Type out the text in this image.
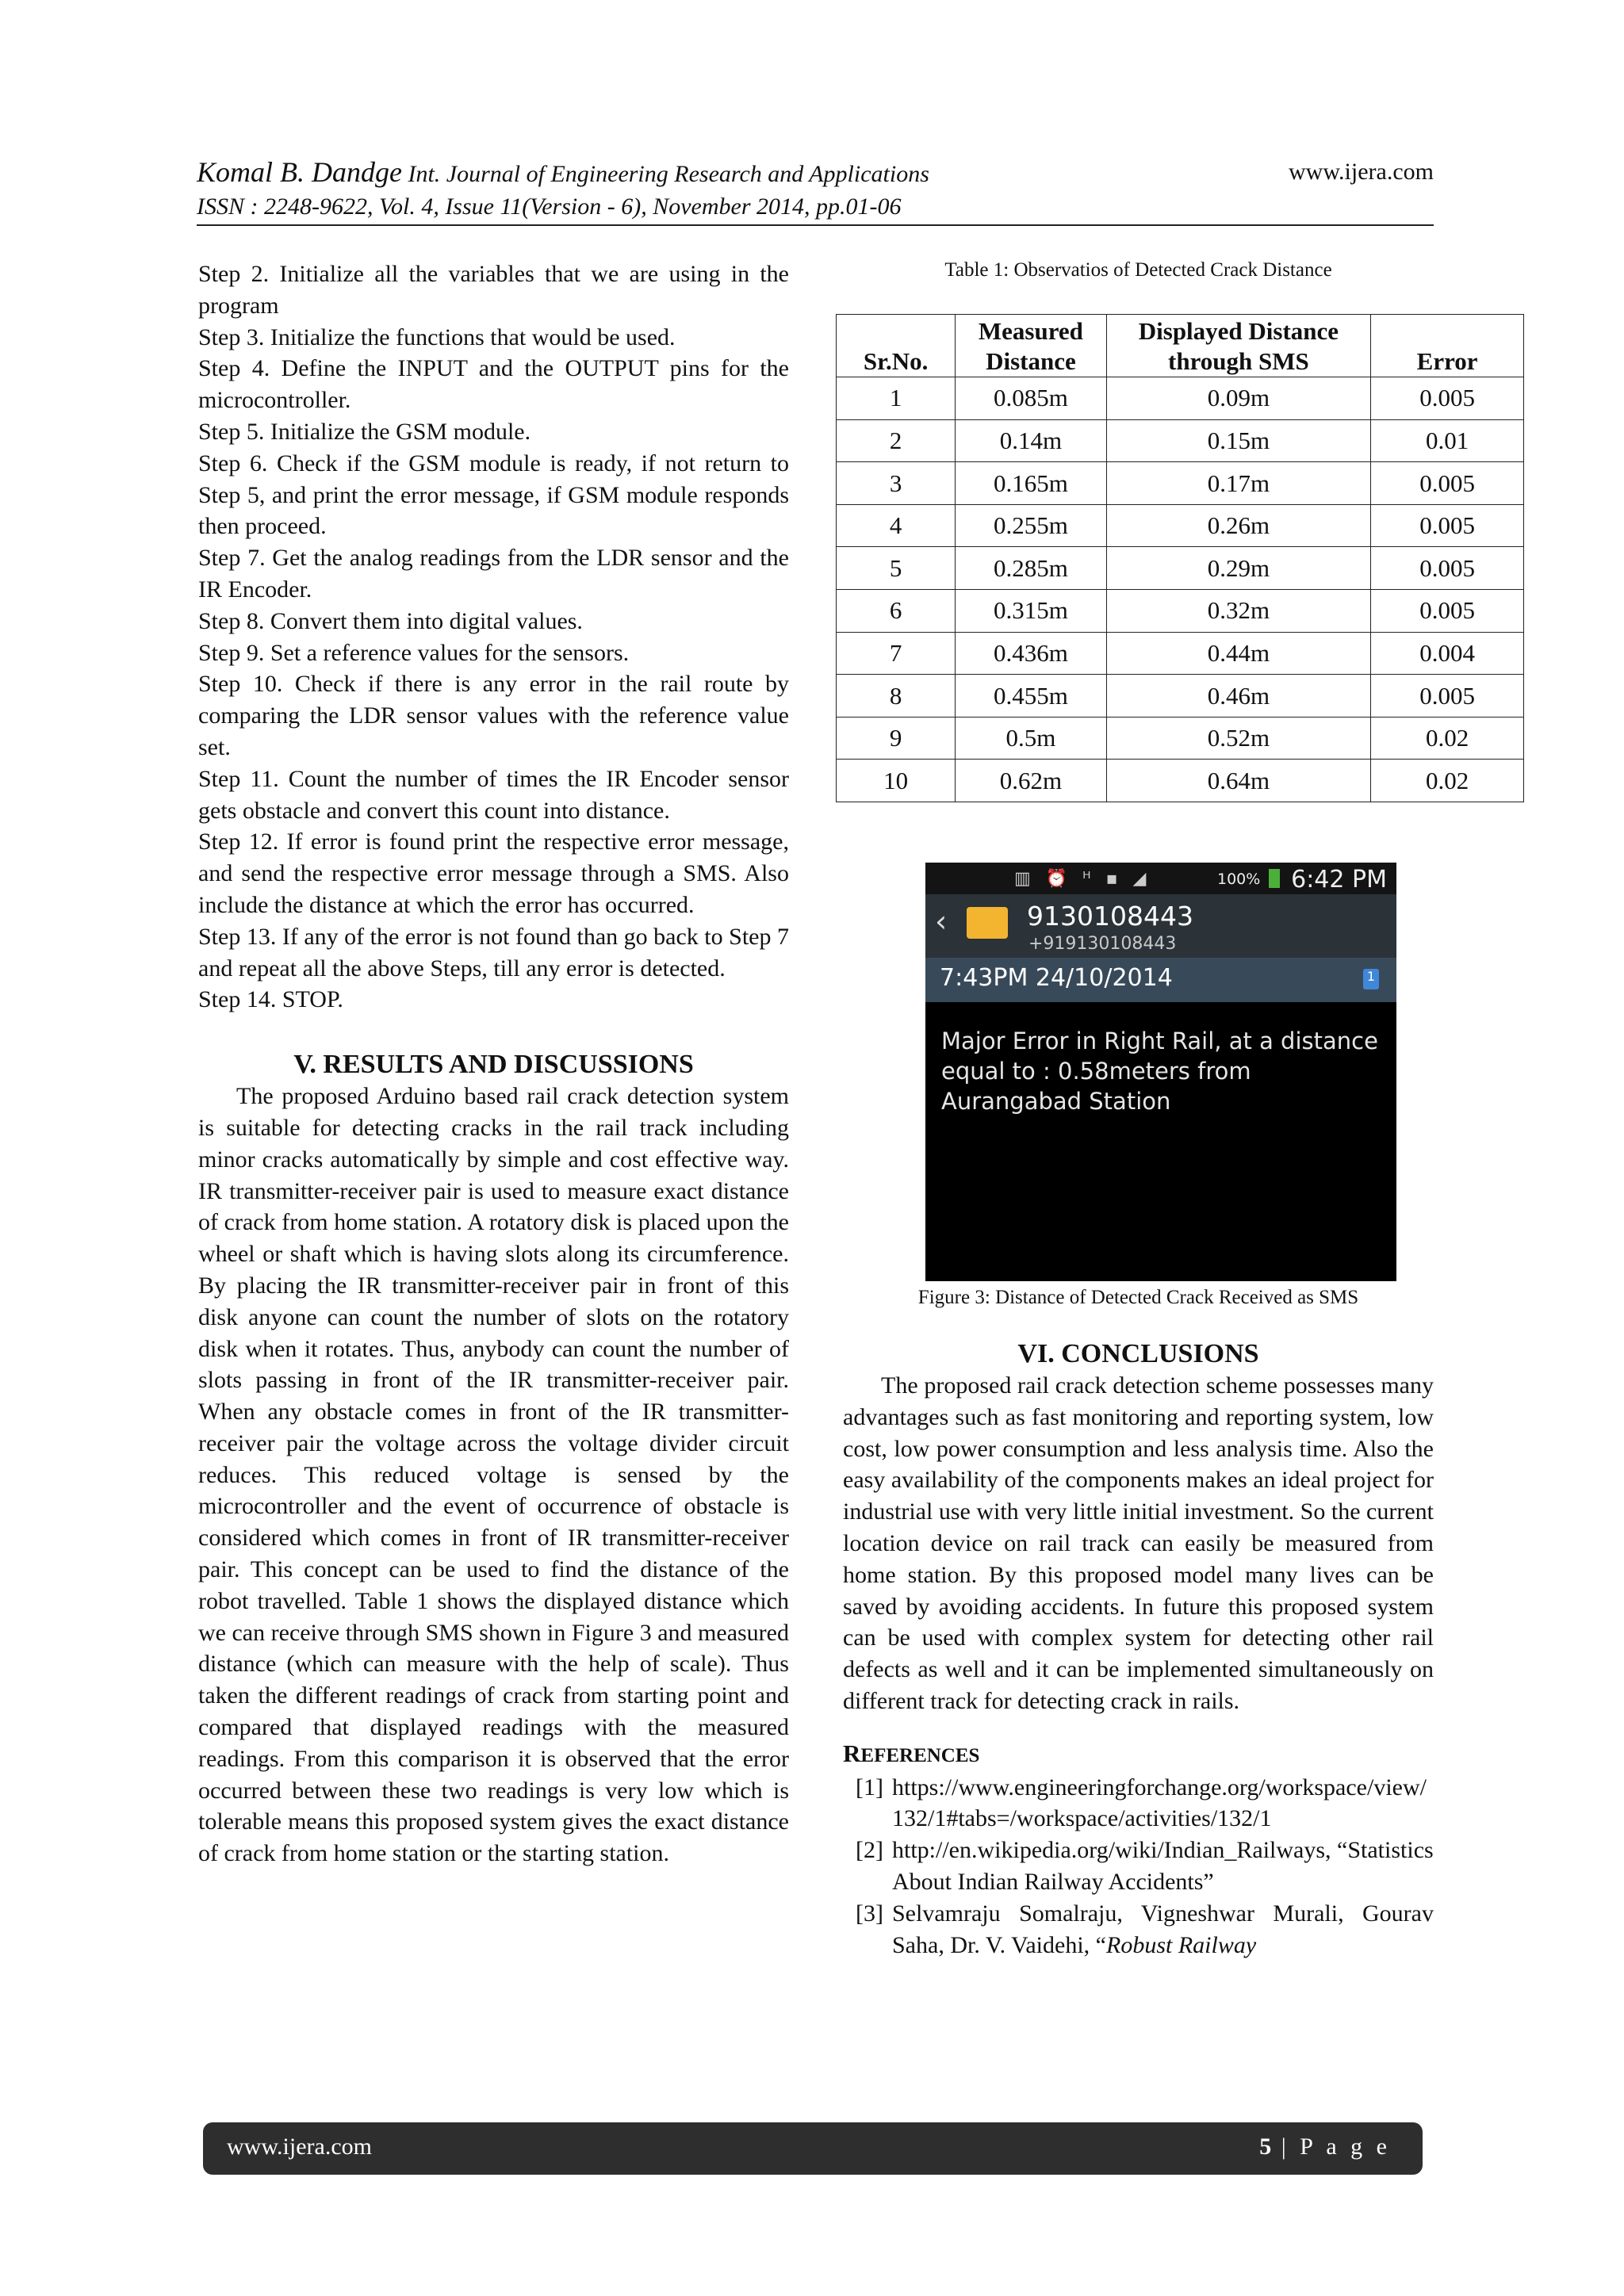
Komal B. Dandge Int. Journal of Engineering Research and Applications	www.ijera.com
ISSN : 2248-9622, Vol. 4, Issue 11(Version - 6), November 2014, pp.01-06

Step 2. Initialize all the variables that we are using in the program

Step 3. Initialize the functions that would be used.

Step 4. Define the INPUT and the OUTPUT pins for the microcontroller.

Step 5. Initialize the GSM module.

Step 6. Check if the GSM module is ready, if not return to Step 5, and print the error message, if GSM module responds then proceed.

Step 7. Get the analog readings from the LDR sensor and the IR Encoder.

Step 8. Convert them into digital values.

Step 9. Set a reference values for the sensors.

Step 10. Check if there is any error in the rail route by comparing the LDR sensor values with the reference value set.

Step 11. Count the number of times the IR Encoder sensor gets obstacle and convert this count into distance.

Step 12. If error is found print the respective error message, and send the respective error message through a SMS. Also include the distance at which the error has occurred.

Step 13. If any of the error is not found than go back to Step 7 and repeat all the above Steps, till any error is detected.

Step 14. STOP.

V. RESULTS AND DISCUSSIONS

The proposed Arduino based rail crack detection system is suitable for detecting cracks in the rail track including minor cracks automatically by simple and cost effective way. IR transmitter-receiver pair is used to measure exact distance of crack from home station. A rotatory disk is placed upon the wheel or shaft which is having slots along its circumference. By placing the IR transmitter-receiver pair in front of this disk anyone can count the number of slots on the rotatory disk when it rotates. Thus, anybody can count the number of slots passing in front of the IR transmitter-receiver pair. When any obstacle comes in front of the IR transmitter-receiver pair the voltage across the voltage divider circuit reduces. This reduced voltage is sensed by the microcontroller and the event of occurrence of obstacle is considered which comes in front of IR transmitter-receiver pair. This concept can be used to find the distance of the robot travelled. Table 1 shows the displayed distance which we can receive through SMS shown in Figure 3 and measured distance (which can measure with the help of scale). Thus taken the different readings of crack from starting point and compared that displayed readings with the measured readings. From this comparison it is observed that the error occurred between these two readings is very low which is tolerable means this proposed system gives the exact distance of crack from home station or the starting station.

Table 1: Observatios of Detected Crack Distance

Sr.No.	Measured Distance	Displayed Distance through SMS	Error
1	0.085m	0.09m	0.005
2	0.14m	0.15m	0.01
3	0.165m	0.17m	0.005
4	0.255m	0.26m	0.005
5	0.285m	0.29m	0.005
6	0.315m	0.32m	0.005
7	0.436m	0.44m	0.004
8	0.455m	0.46m	0.005
9	0.5m	0.52m	0.02
10	0.62m	0.64m	0.02
▥ ⏰ ᴴ ▪ ◢	100% 6:42 PM
‹	9130108443
+919130108443
7:43PM 24/10/2014	1
Major Error in Right Rail, at a distance equal to : 0.58meters from Aurangabad Station
Figure 3: Distance of Detected Crack Received as SMS
VI. CONCLUSIONS

The proposed rail crack detection scheme possesses many advantages such as fast monitoring and reporting system, low cost, low power consumption and less analysis time. Also the easy availability of the components makes an ideal project for industrial use with very little initial investment. So the current location device on rail track can easily be measured from home station. By this proposed model many lives can be saved by avoiding accidents. In future this proposed system can be used with complex system for detecting other rail defects as well and it can be implemented simultaneously on different track for detecting crack in rails.

REFERENCES

[1] https://www.engineeringforchange.org/workspace/view/132/1#tabs=/workspace/activities/132/1
[2] http://en.wikipedia.org/wiki/Indian_Railways, “Statistics About Indian Railway Accidents”
[3] Selvamraju Somalraju, Vigneshwar Murali, Gourav Saha, Dr. V. Vaidehi, “Robust Railway
www.ijera.com	5 | P a g e
